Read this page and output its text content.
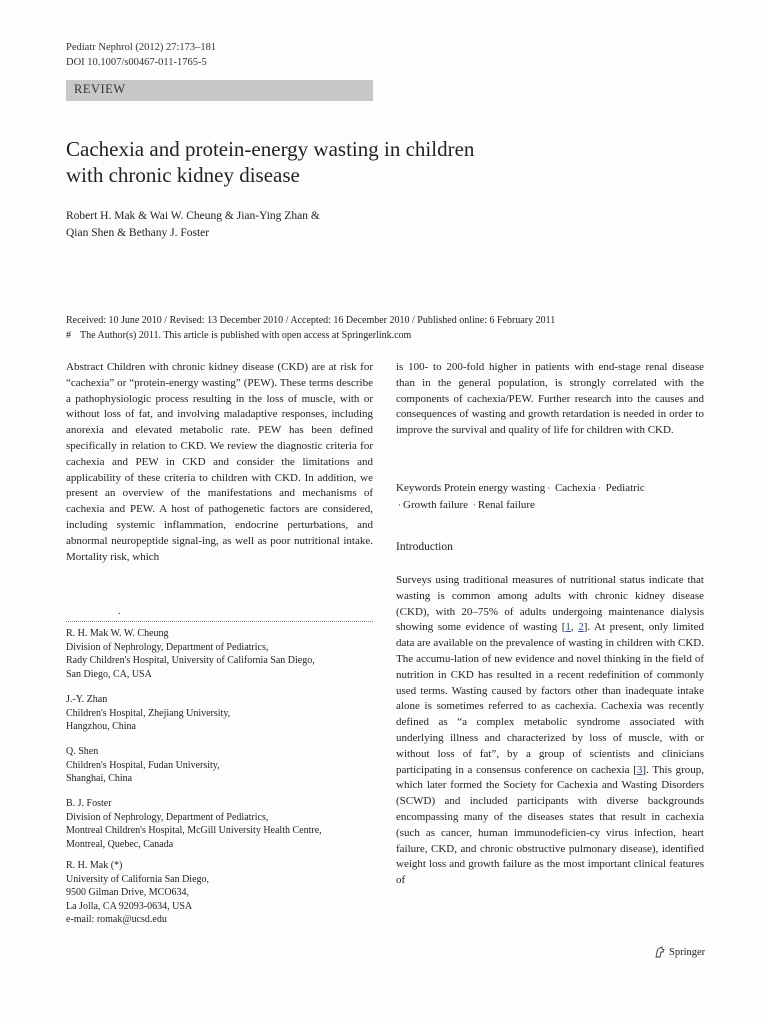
Pediatr Nephrol (2012) 27:173–181
DOI 10.1007/s00467-011-1765-5
REVIEW
Cachexia and protein-energy wasting in children
with chronic kidney disease
Robert H. Mak & Wai W. Cheung & Jian-Ying Zhan &
Qian Shen & Bethany J. Foster
Received: 10 June 2010 / Revised: 13 December 2010 / Accepted: 16 December 2010 / Published online: 6 February 2011
# The Author(s) 2011. This article is published with open access at Springerlink.com
Abstract Children with chronic kidney disease (CKD) are at risk for “cachexia” or “protein-energy wasting” (PEW). These terms describe a pathophysiologic process resulting in the loss of muscle, with or without loss of fat, and involving maladaptive responses, including anorexia and elevated metabolic rate. PEW has been defined specifically in relation to CKD. We review the diagnostic criteria for cachexia and PEW in CKD and consider the limitations and applicability of these criteria to children with CKD. In addition, we present an overview of the manifestations and mechanisms of cachexia and PEW. A host of pathogenetic factors are considered, including systemic inflammation, endocrine perturbations, and abnormal neuropeptide signal-ing, as well as poor nutritional intake. Mortality risk, which
.
R. H. Mak W. W. Cheung
Division of Nephrology, Department of Pediatrics,
Rady Children's Hospital, University of California San Diego,
San Diego, CA, USA
J.-Y. Zhan
Children's Hospital, Zhejiang University,
Hangzhou, China
Q. Shen
Children's Hospital, Fudan University,
Shanghai, China
B. J. Foster
Division of Nephrology, Department of Pediatrics,
Montreal Children's Hospital, McGill University Health Centre,
Montreal, Quebec, Canada
R. H. Mak (*)
University of California San Diego,
9500 Gilman Drive, MCO634,
La Jolla, CA 92093-0634, USA
e-mail: romak@ucsd.edu
is 100- to 200-fold higher in patients with end-stage renal disease than in the general population, is strongly correlated with the components of cachexia/PEW. Further research into the causes and consequences of wasting and growth retardation is needed in order to improve the survival and quality of life for children with CKD.
Keywords Protein energy wasting · Cachexia · Pediatric
· Growth failure · Renal failure
Introduction
Surveys using traditional measures of nutritional status indicate that wasting is common among adults with chronic kidney disease (CKD), with 20–75% of adults undergoing maintenance dialysis showing some evidence of wasting [1, 2]. At present, only limited data are available on the prevalence of wasting in children with CKD. The accumu-lation of new evidence and novel thinking in the field of nutrition in CKD has resulted in a recent redefinition of commonly used terms. Wasting caused by factors other than inadequate intake alone is sometimes referred to as cachexia. Cachexia was recently defined as “a complex metabolic syndrome associated with underlying illness and characterized by loss of muscle, with or without loss of fat”, by a group of scientists and clinicians participating in a consensus conference on cachexia [3]. This group, which later formed the Society for Cachexia and Wasting Disorders (SCWD) and included participants with diverse backgrounds encompassing many of the diseases states that result in cachexia (such as cancer, human immunodeficien-cy virus infection, heart failure, CKD, and chronic obstructive pulmonary disease), identified weight loss and growth failure as the most important clinical features of
Springer
